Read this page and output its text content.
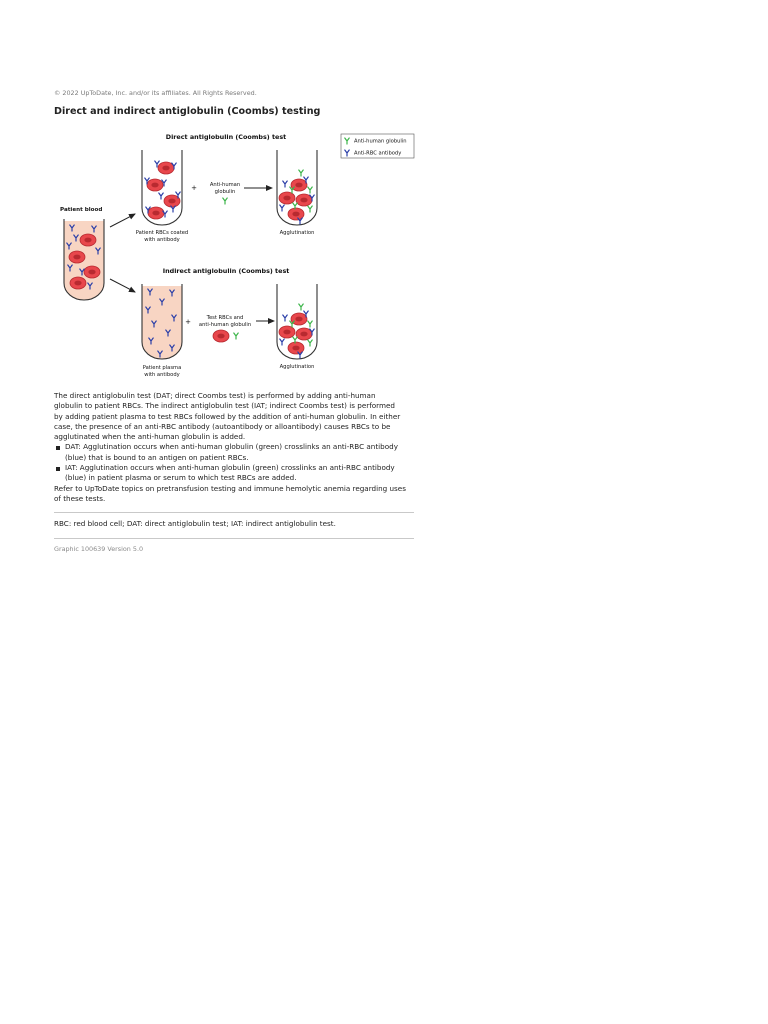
© 2022 UpToDate, Inc. and/or its affiliates. All Rights Reserved.
Direct and indirect antiglobulin (Coombs) testing
Direct antiglobulin (Coombs) test
Indirect antiglobulin (Coombs) test
Anti-human globulin
Anti-RBC antibody
Patient blood
Patient RBCs coated
with antibody
+ Anti-human
globulin
Agglutination
Patient plasma
with antibody
+	Test RBCs and
anti-human globulin
Agglutination

The direct antiglobulin test (DAT; direct Coombs test) is performed by adding anti-human globulin to patient RBCs. The indirect antiglobulin test (IAT; indirect Coombs test) is performed by adding patient plasma to test RBCs followed by the addition of anti-human globulin. In either case, the presence of an anti-RBC antibody (autoantibody or alloantibody) causes RBCs to be agglutinated when the anti-human globulin is added.

DAT: Agglutination occurs when anti-human globulin (green) crosslinks an anti-RBC antibody (blue) that is bound to an antigen on patient RBCs.
IAT: Agglutination occurs when anti-human globulin (green) crosslinks an anti-RBC antibody (blue) in patient plasma or serum to which test RBCs are added.

Refer to UpToDate topics on pretransfusion testing and immune hemolytic anemia regarding uses of these tests.

RBC: red blood cell; DAT: direct antiglobulin test; IAT: indirect antiglobulin test.
Graphic 100639 Version 5.0
